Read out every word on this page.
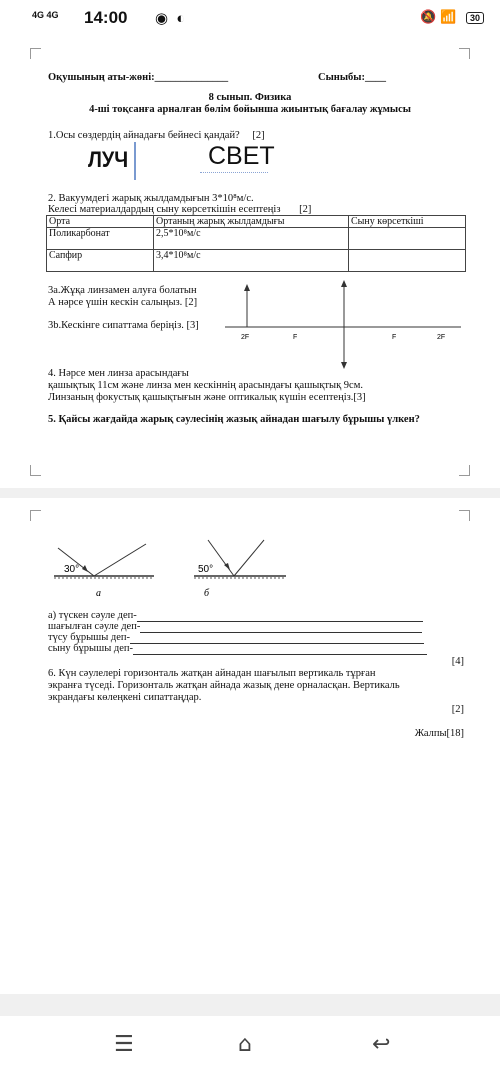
4G 4G 14:00 ◉ ◐	🔕 📶 30
Оқушының аты-жөні:______________	Сыныбы:____
8 сынып. Физика
4-ші тоқсанға арналған бөлім бойынша жиынтық бағалау жұмысы
1.Осы сөздердің айнадағы бейнесі қандай? [2]
ЛУЧ	СВЕТ
2. Вакуумдегі жарық жылдамдығын 3*10⁸м/с.
Келесі материалдардың сыну көрсеткішін есептеңіз [2]
Орта	Ортаның жарық жылдамдығы	Сыну көрсеткіші
Поликарбонат	2,5*10⁸м/с	
Сапфир	3,4*10⁸м/с	
3а.Жұқа линзамен алуға болатын
А нәрсе үшін кескін салыңыз. [2]
3b.Кескінге сипаттама беріңіз. [3]
2F	F	F	2F
4. Нәрсе мен линза арасындағы
қашықтық 11см және линза мен кескіннің арасындағы қашықтық 9см.
Линзаның фокустық қашықтығын және оптикалық күшін есептеңіз.[3]
5. Қайсы жағдайда жарық сәулесінің жазық айнадан шағылу бұрышы үлкен?
30°
а
50°
б
а) түскен сәуле деп-
шағылған сәуле деп-
түсу бұрышы деп-
сыну бұрышы деп-
[4]
6. Күн сәулелері горизонталь жатқан айнадан шағылып вертикаль тұрған
экранға түседі. Горизонталь жатқан айнада жазық дене орналасқан. Вертикаль
экрандағы көлеңкені сипаттаңдар.
[2]
Жалпы[18]
☰	⌂	↩
